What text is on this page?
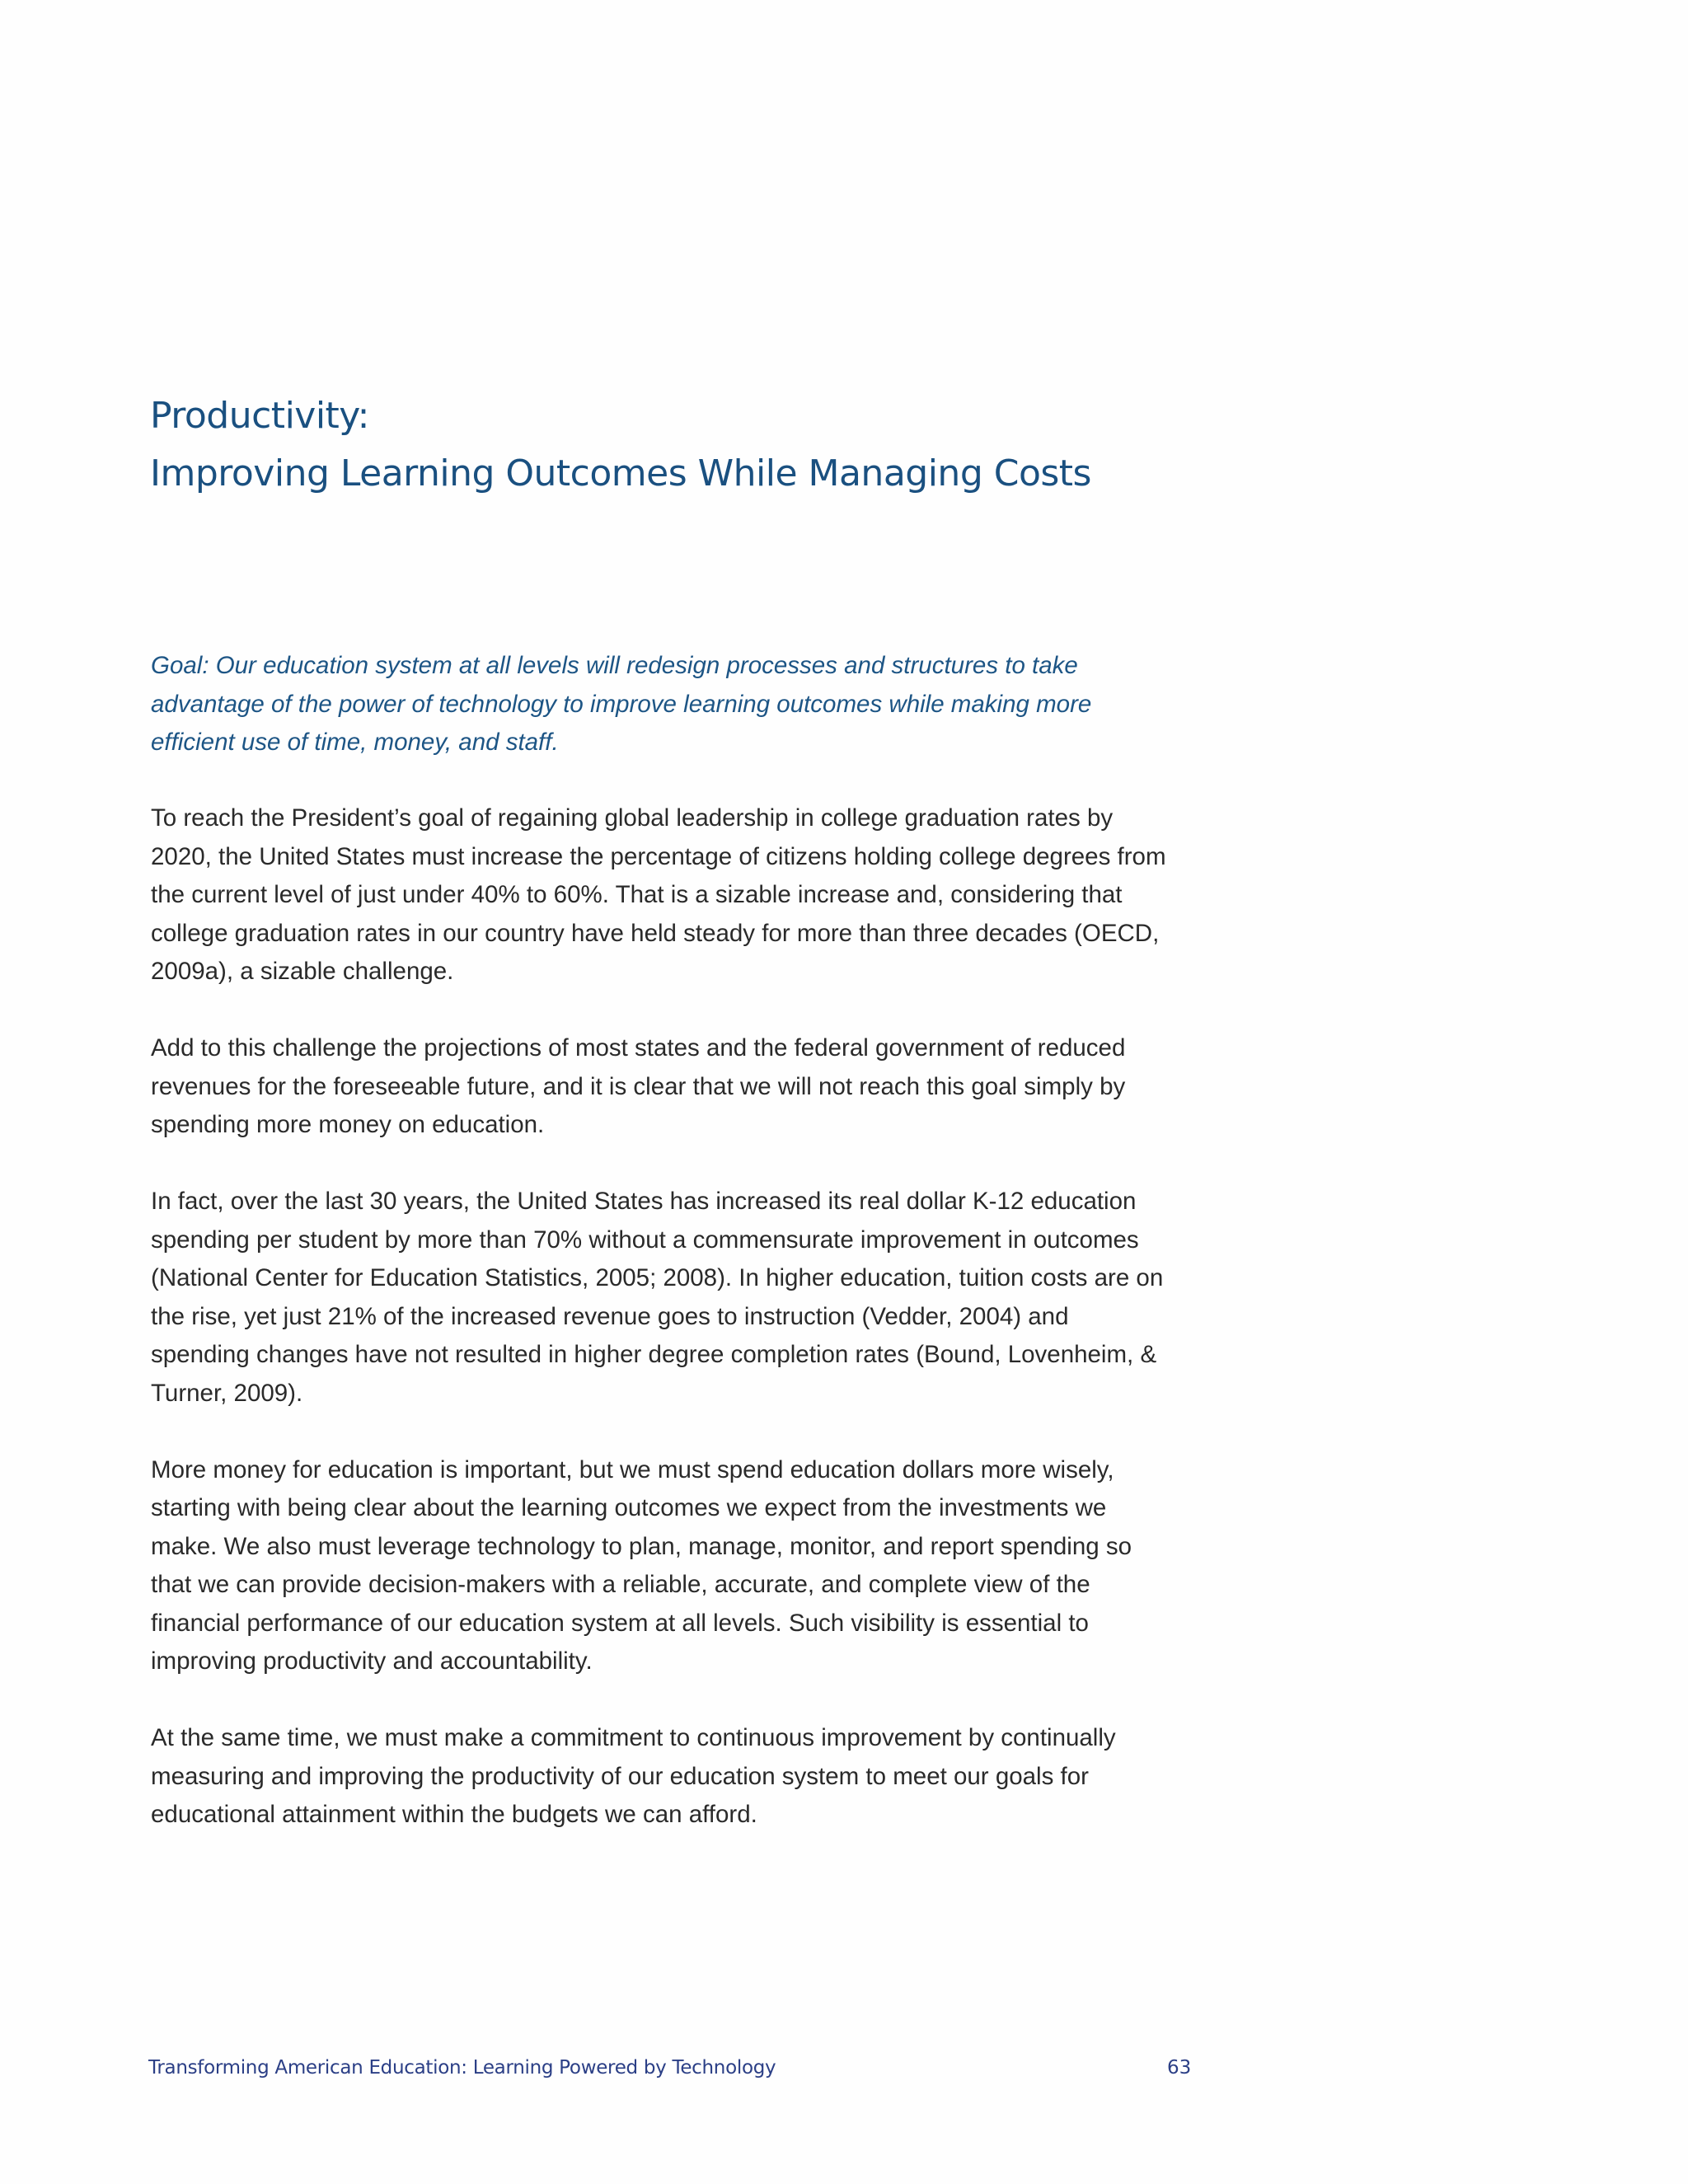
Productivity:
Improving Learning Outcomes While Managing Costs

Goal: Our education system at all levels will redesign processes and structures to take advantage of the power of technology to improve learning outcomes while making more efficient use of time, money, and staff.

To reach the President’s goal of regaining global leadership in college graduation rates by 2020, the United States must increase the percentage of citizens holding college degrees from the current level of just under 40% to 60%. That is a sizable increase and, considering that college graduation rates in our country have held steady for more than three decades (OECD, 2009a), a sizable challenge.

Add to this challenge the projections of most states and the federal government of reduced revenues for the foreseeable future, and it is clear that we will not reach this goal simply by spending more money on education.

In fact, over the last 30 years, the United States has increased its real dollar K-12 education spending per student by more than 70% without a commensurate improvement in outcomes (National Center for Education Statistics, 2005; 2008). In higher education, tuition costs are on the rise, yet just 21% of the increased revenue goes to instruction (Vedder, 2004) and spending changes have not resulted in higher degree completion rates (Bound, Lovenheim, & Turner, 2009).

More money for education is important, but we must spend education dollars more wisely, starting with being clear about the learning outcomes we expect from the investments we make. We also must leverage technology to plan, manage, monitor, and report spending so that we can provide decision-makers with a reliable, accurate, and complete view of the financial performance of our education system at all levels. Such visibility is essential to improving productivity and accountability.

At the same time, we must make a commitment to continuous improvement by continually measuring and improving the productivity of our education system to meet our goals for educational attainment within the budgets we can afford.

Transforming American Education: Learning Powered by Technology	63
